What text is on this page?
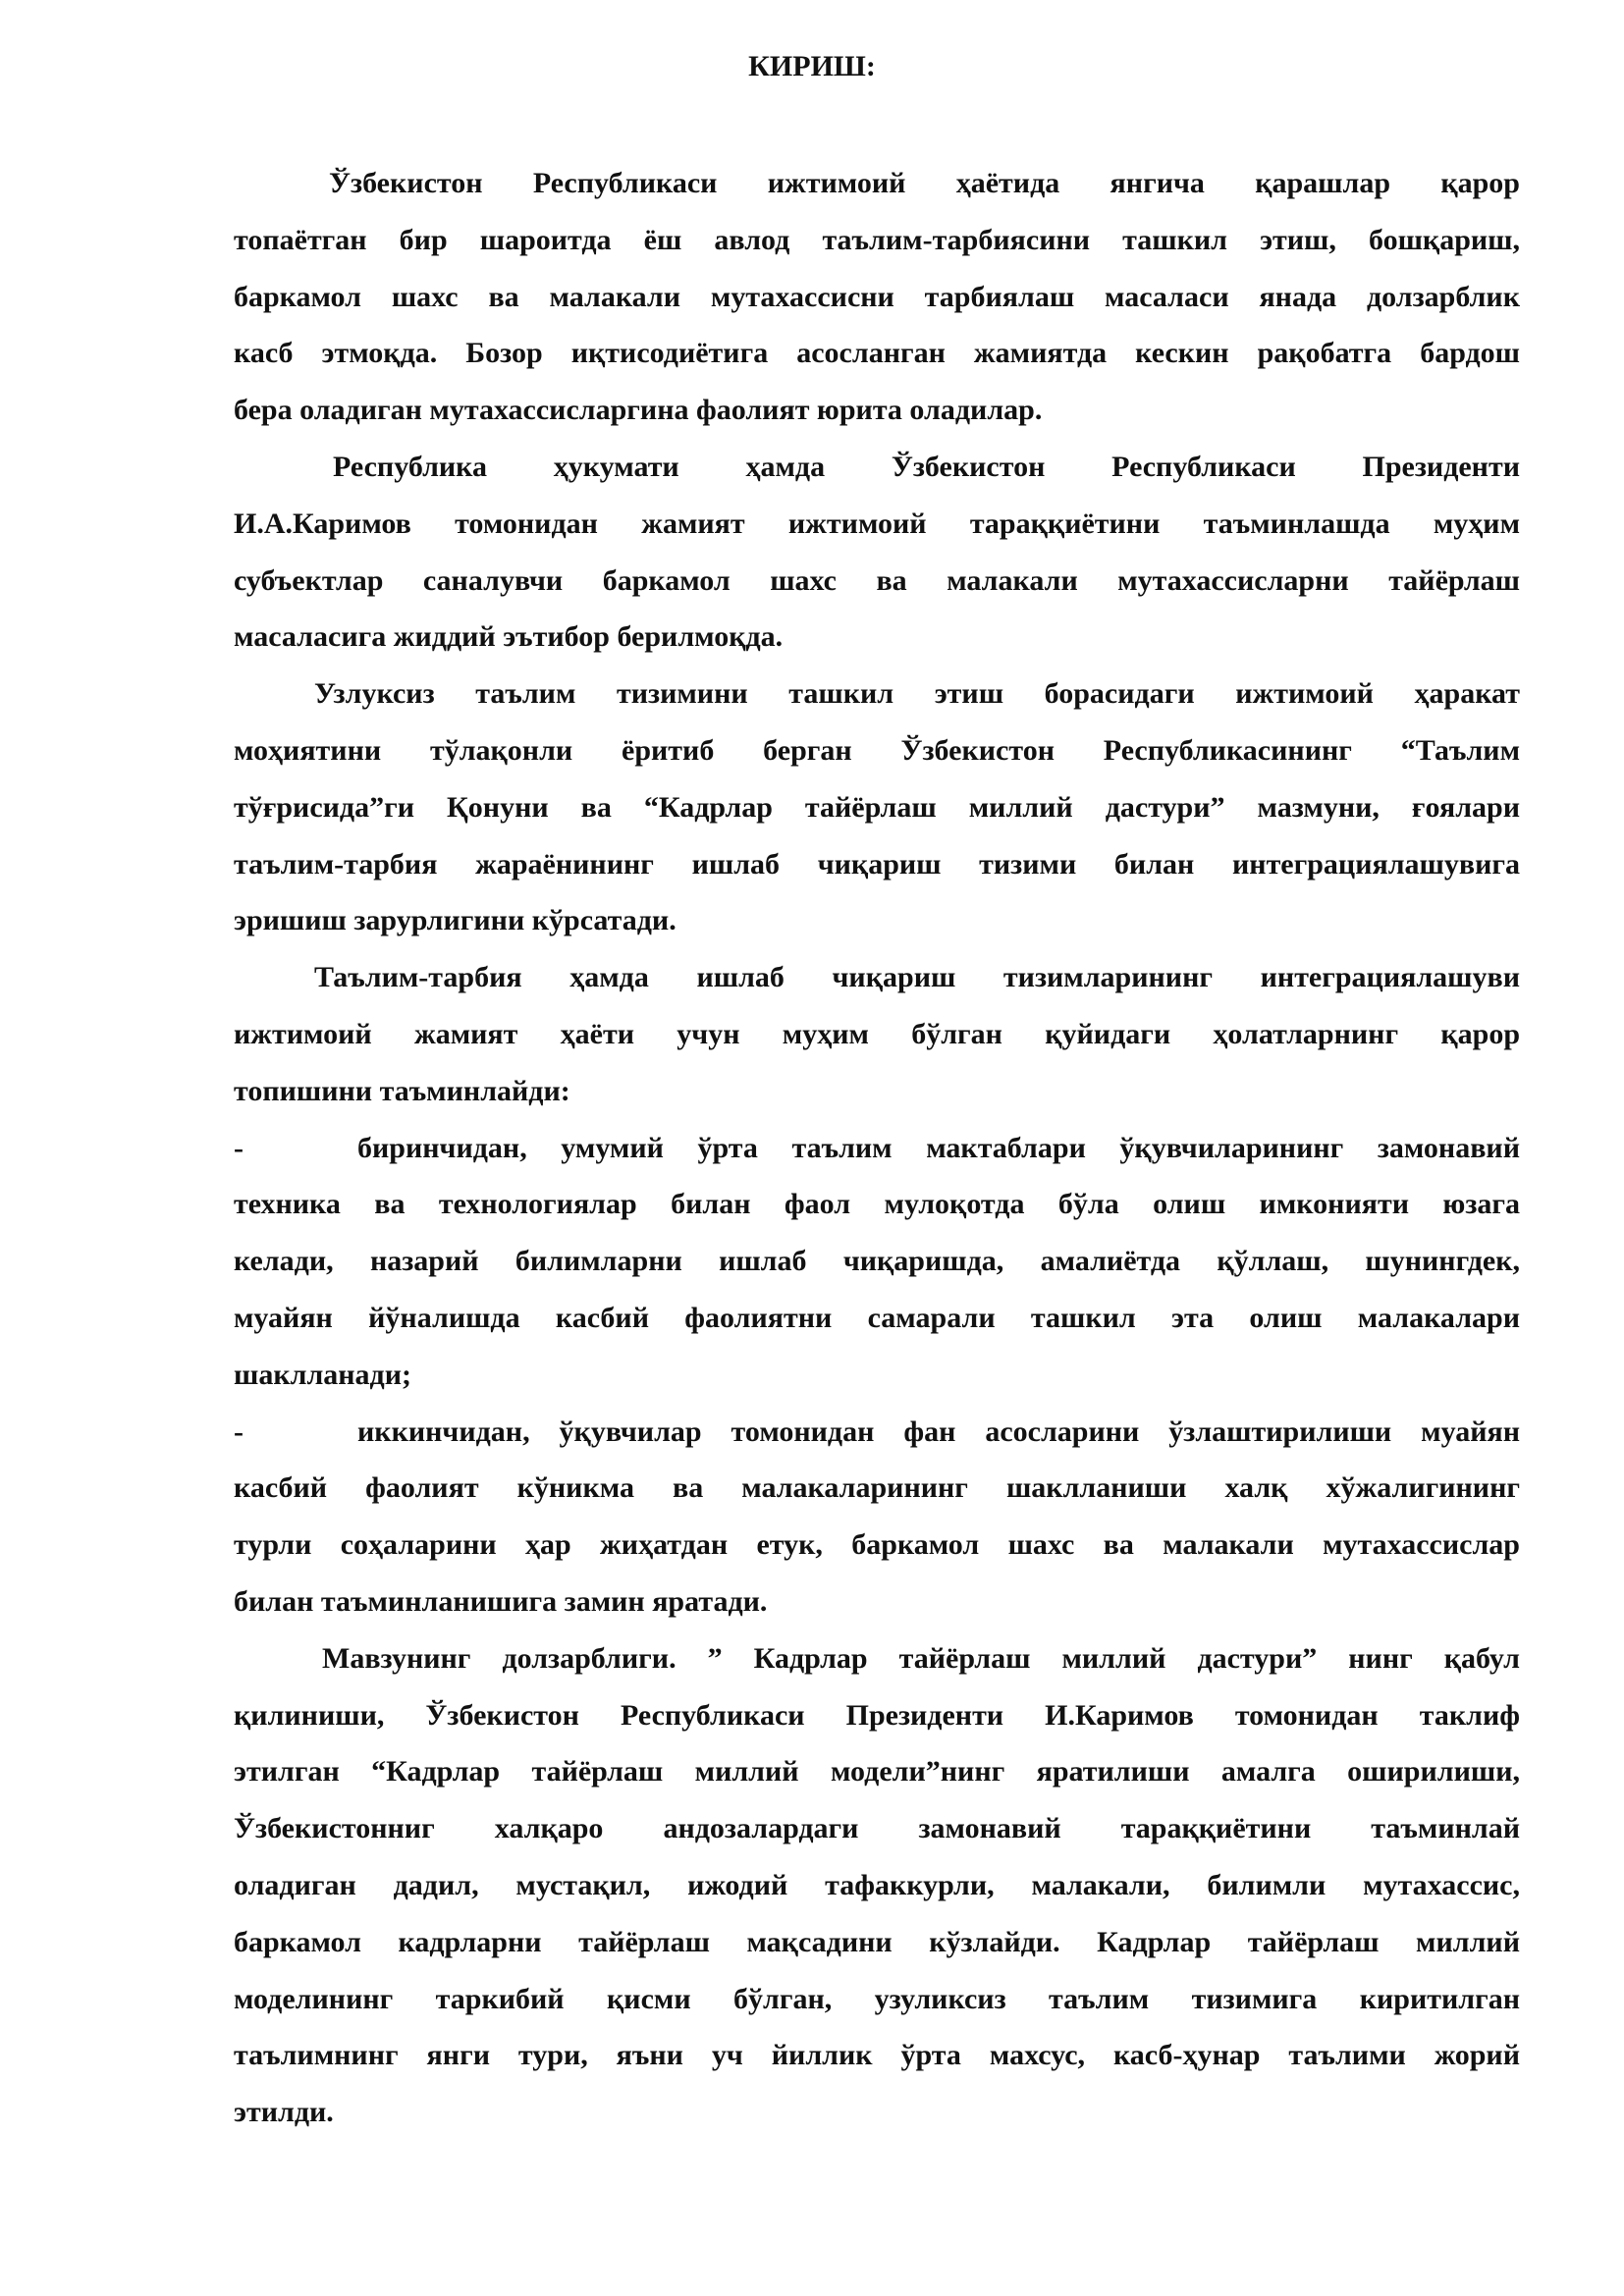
КИРИШ:

Ўзбекистон Республикаси ижтимоий ҳаётида янгича қарашлар қарор
топаётган бир шароитда ёш авлод таълим-тарбиясини ташкил этиш, бошқариш,
баркамол шахс ва малакали мутахассисни тарбиялаш масаласи янада долзарблик
касб этмоқда. Бозор иқтисодиётига асосланган жамиятда кескин рақобатга бардош
бера оладиган мутахассисларгина фаолият юрита оладилар.

Республика ҳукумати ҳамда Ўзбекистон Республикаси Президенти
И.А.Каримов томонидан жамият ижтимоий тараққиётини таъминлашда муҳим
субъектлар саналувчи баркамол шахс ва малакали мутахассисларни тайёрлаш
масаласига жиддий эътибор берилмоқда.

Узлуксиз таълим тизимини ташкил этиш борасидаги ижтимоий ҳаракат
моҳиятини тўлақонли ёритиб берган Ўзбекистон Республикасининг “Таълим
тўғрисида”ги Қонуни ва “Кадрлар тайёрлаш миллий дастури” мазмуни, ғоялари
таълим-тарбия жараёнининг ишлаб чиқариш тизими билан интеграциялашувига
эришиш зарурлигини кўрсатади.

Таълим-тарбия ҳамда ишлаб чиқариш тизимларининг интеграциялашуви
ижтимоий жамият ҳаёти учун муҳим бўлган қуйидаги ҳолатларнинг қарор
топишини таъминлайди:

-	биринчидан, умумий ўрта таълим мактаблари ўқувчиларининг замонавий
техника ва технологиялар билан фаол мулоқотда бўла олиш имконияти юзага
келади, назарий билимларни ишлаб чиқаришда, амалиётда қўллаш, шунингдек,
муайян йўналишда касбий фаолиятни самарали ташкил эта олиш малакалари
шаклланади;

-	иккинчидан, ўқувчилар томонидан фан асосларини ўзлаштирилиши муайян
касбий фаолият кўникма ва малакаларининг шаклланиши халқ хўжалигининг
турли соҳаларини ҳар жиҳатдан етук, баркамол шахс ва малакали мутахассислар
билан таъминланишига замин яратади.

Мавзунинг долзарблиги. ” Кадрлар тайёрлаш миллий дастури” нинг қабул
қилиниши, Ўзбекистон Республикаси Президенти И.Каримов томонидан таклиф
этилган “Кадрлар тайёрлаш миллий модели”нинг яратилиши амалга оширилиши,
Ўзбекистонниг халқаро андозалардаги замонавий тараққиётини таъминлай
оладиган дадил, мустақил, ижодий тафаккурли, малакали, билимли мутахассис,
баркамол кадрларни тайёрлаш мақсадини кўзлайди. Кадрлар тайёрлаш миллий
моделининг таркибий қисми бўлган, узуликсиз таълим тизимига киритилган
таълимнинг янги тури, яъни уч йиллик ўрта махсус, касб-ҳунар таълими жорий
этилди.
